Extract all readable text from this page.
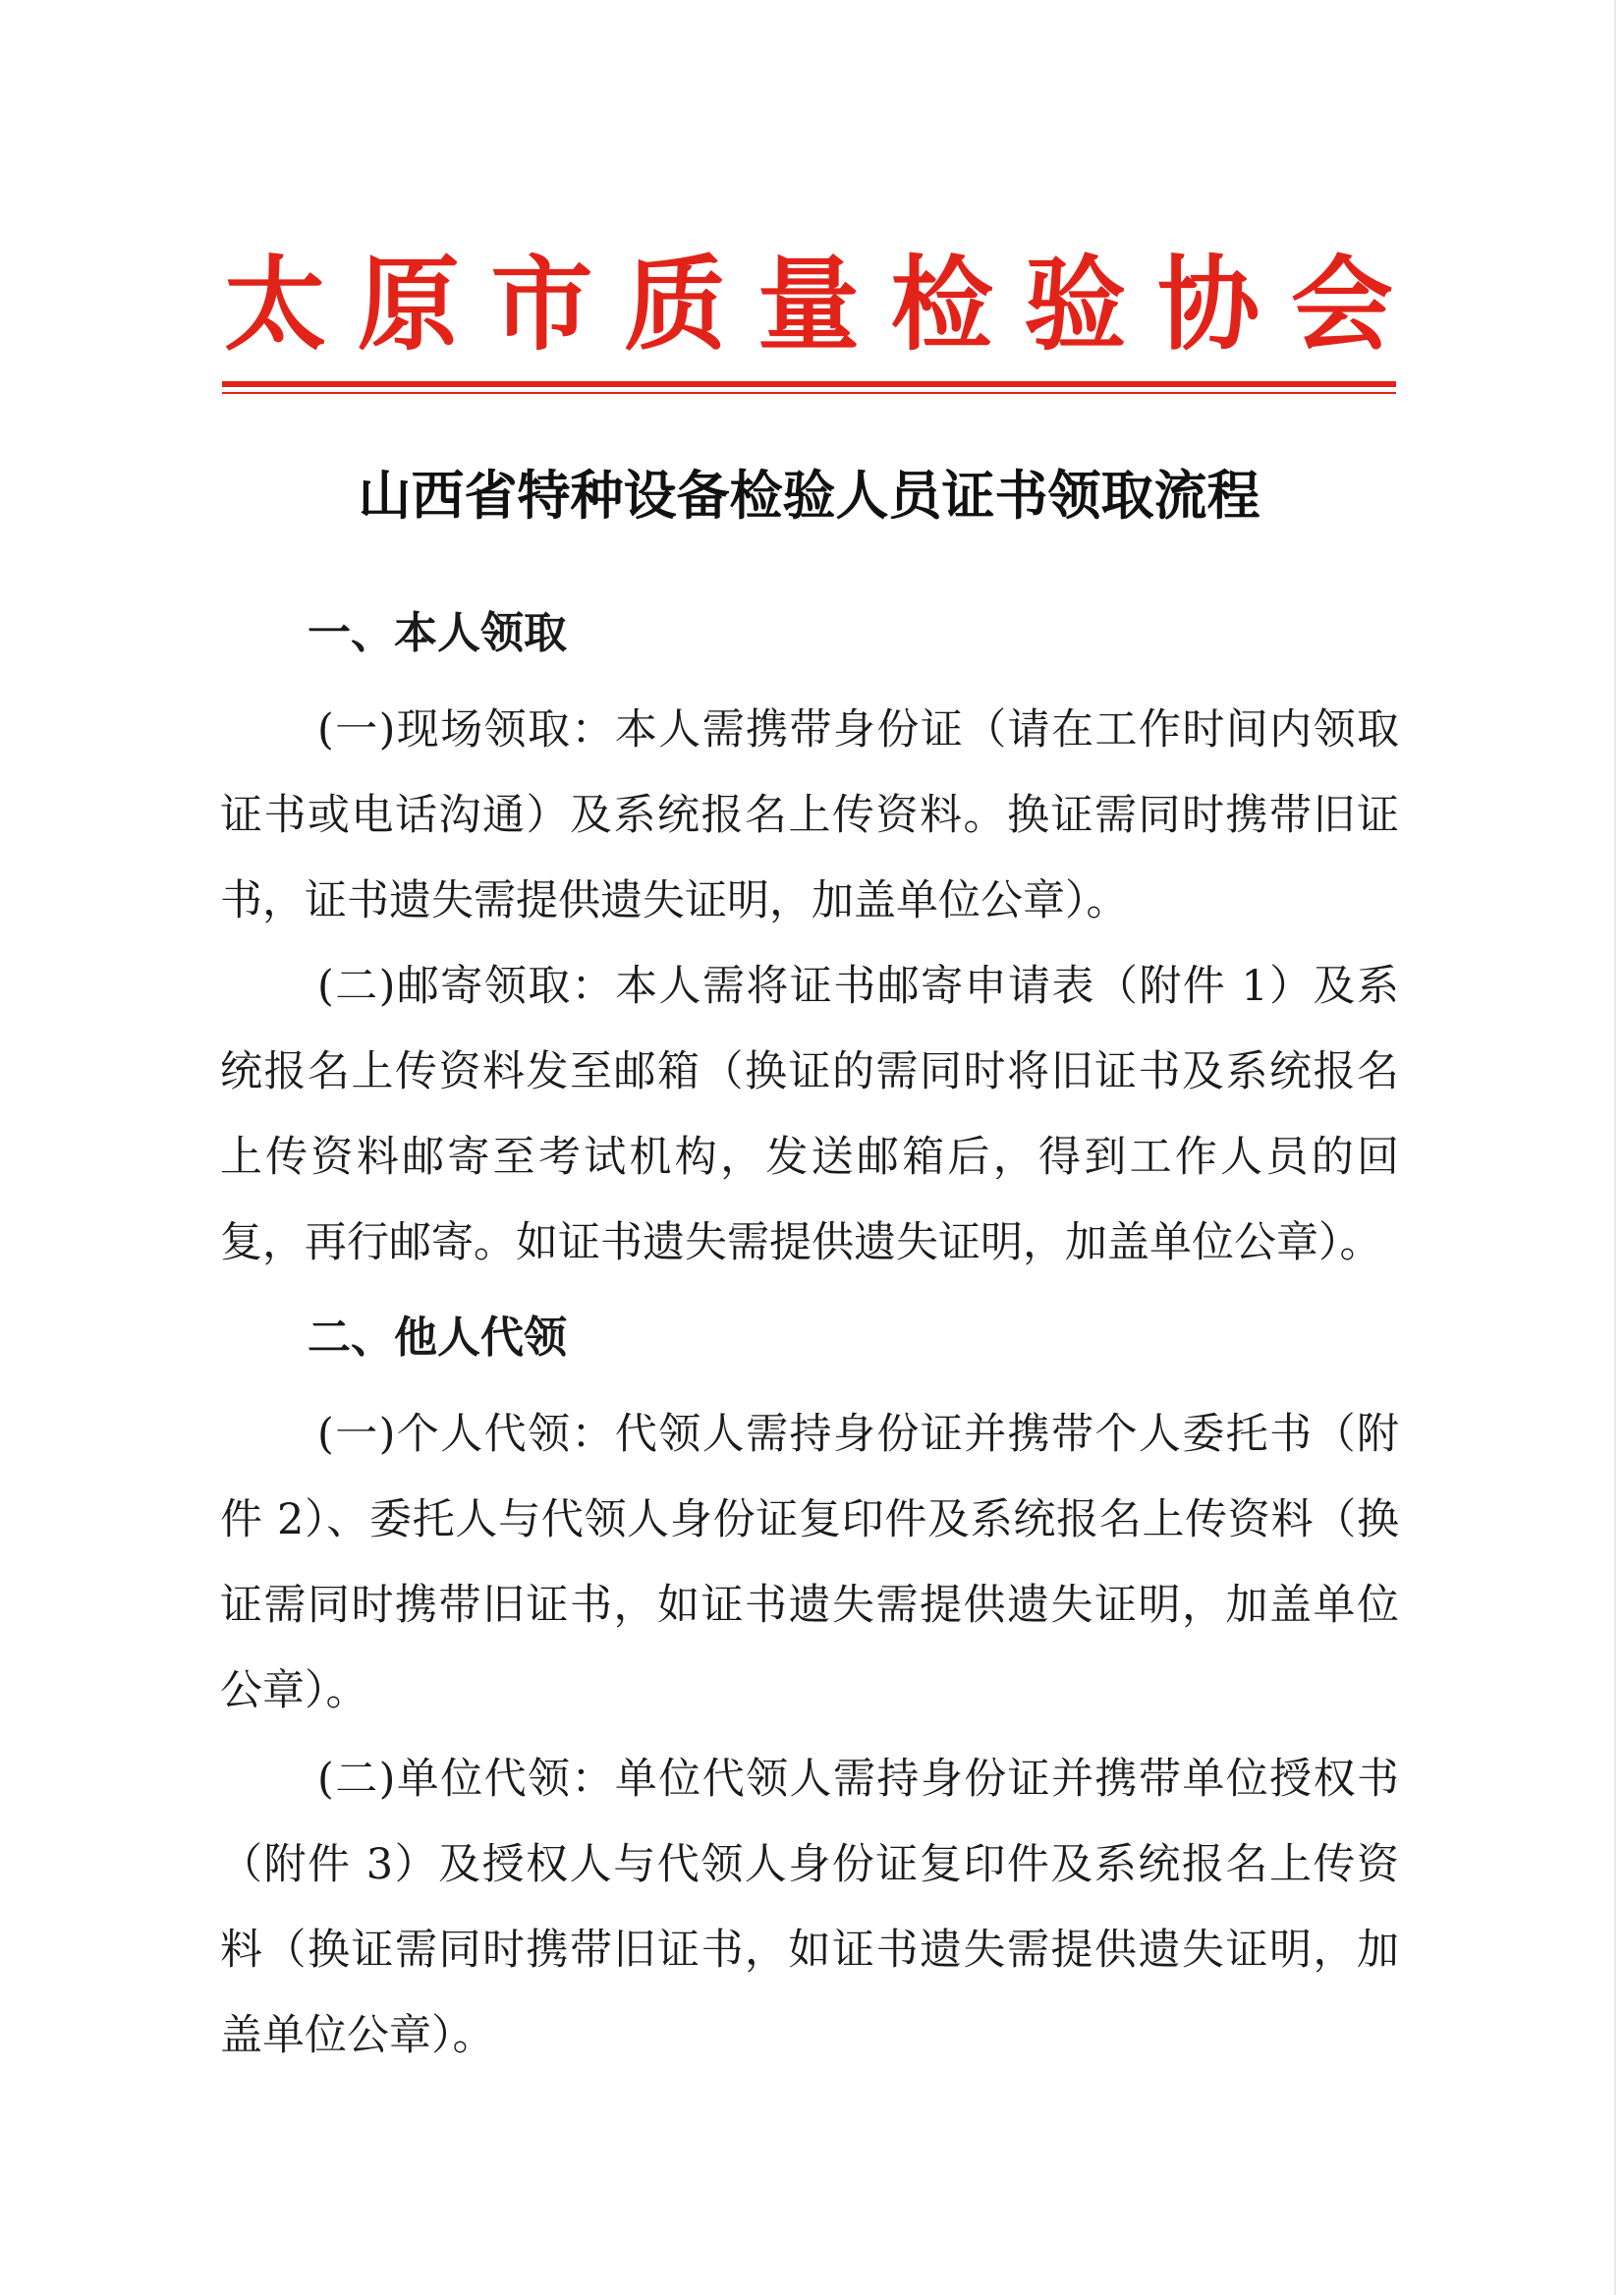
太 原 市 质 量 检 验 协 会
山西省特种设备检验人员证书领取流程

一、本人领取

(一)现场领取：本人需携带身份证（请在工作时间内领取证书或电话沟通）及系统报名上传资料。换证需同时携带旧证书，证书遗失需提供遗失证明，加盖单位公章）。

(二)邮寄领取：本人需将证书邮寄申请表（附件 1）及系统报名上传资料发至邮箱（换证的需同时将旧证书及系统报名上传资料邮寄至考试机构，发送邮箱后，得到工作人员的回复，再行邮寄。如证书遗失需提供遗失证明，加盖单位公章）。

二、他人代领

(一)个人代领：代领人需持身份证并携带个人委托书（附件 2）、委托人与代领人身份证复印件及系统报名上传资料（换证需同时携带旧证书，如证书遗失需提供遗失证明，加盖单位公章）。

(二)单位代领：单位代领人需持身份证并携带单位授权书（附件 3）及授权人与代领人身份证复印件及系统报名上传资料（换证需同时携带旧证书，如证书遗失需提供遗失证明，加盖单位公章）。
